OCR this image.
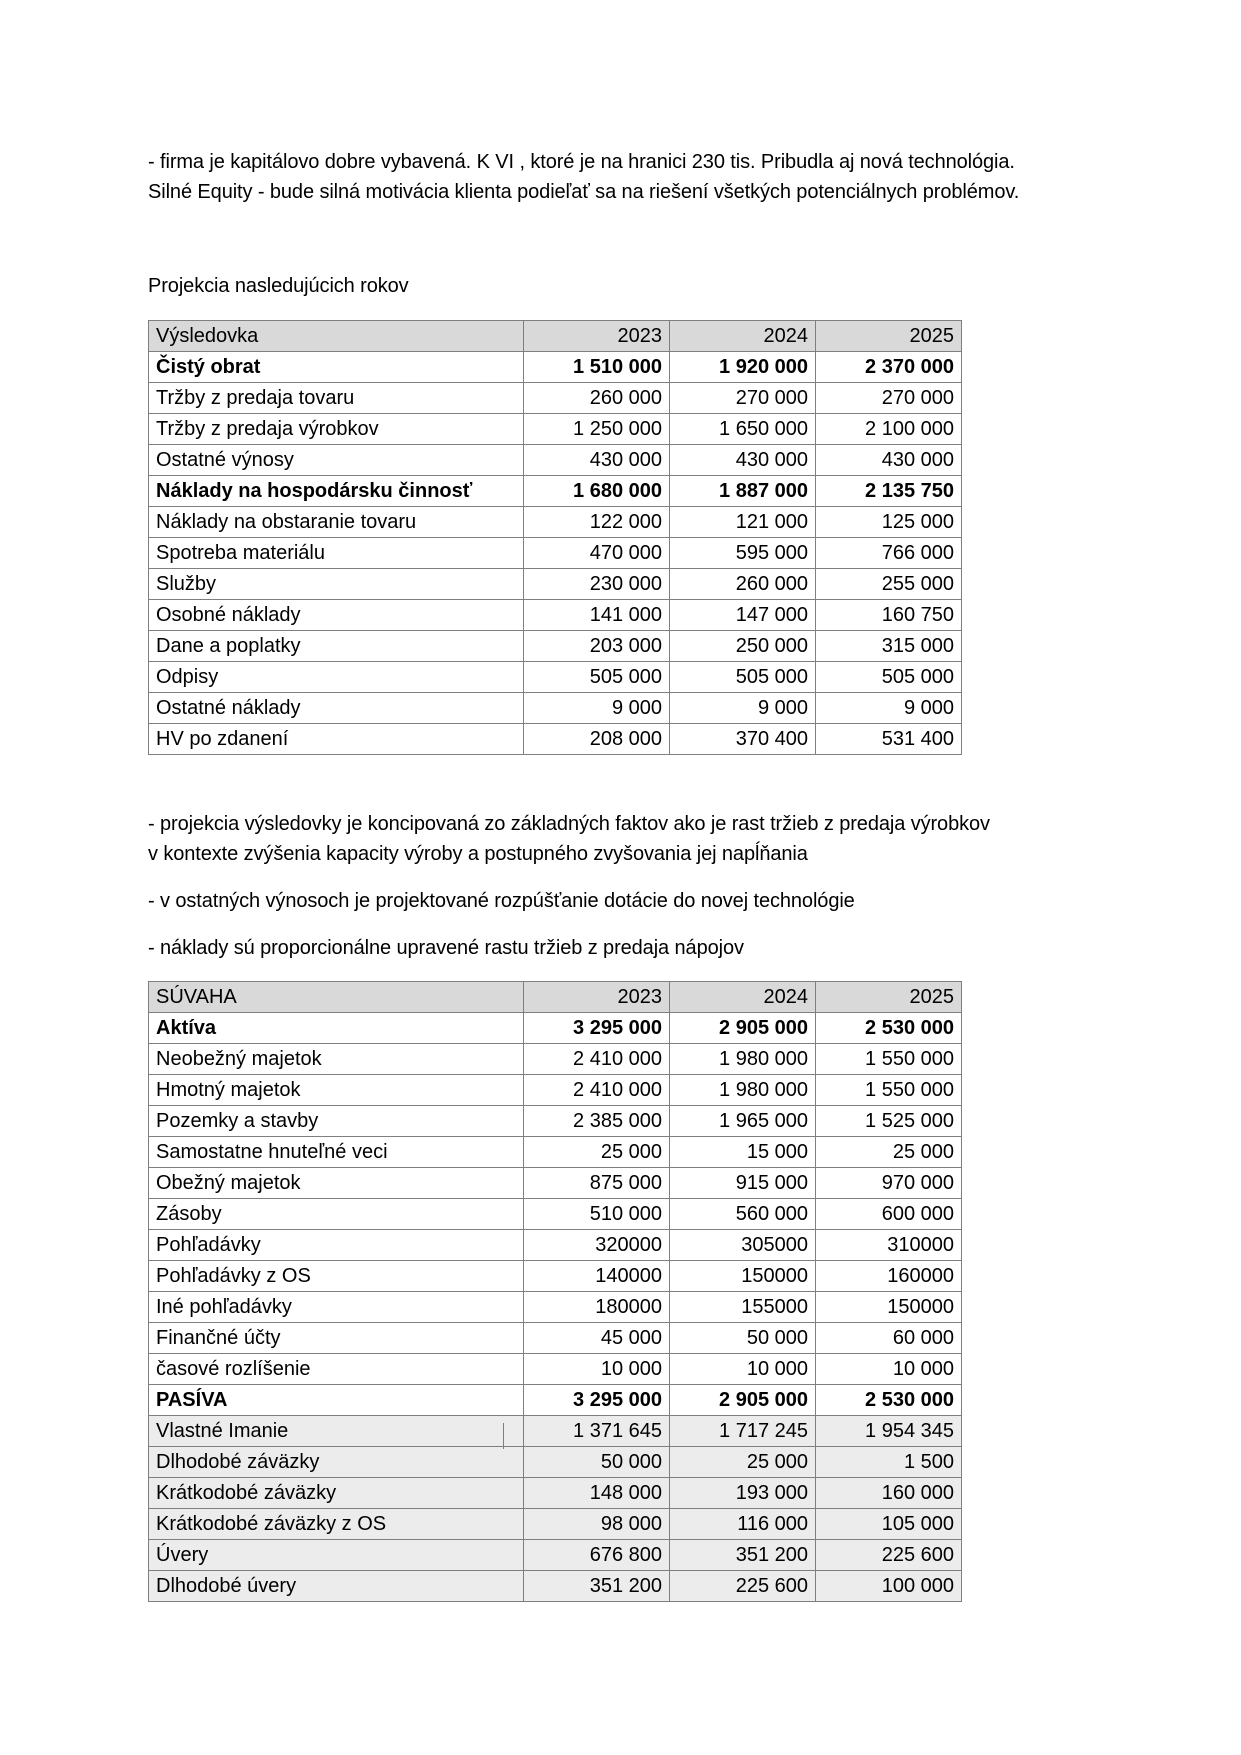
- firma je kapitálovo dobre vybavená. K VI , ktoré je na hranici 230 tis. Pribudla aj nová technológia.

Silné Equity - bude silná motivácia klienta podieľať sa na riešení všetkých potenciálnych problémov.

Projekcia nasledujúcich rokov

Výsledovka	2023	2024	2025
Čistý obrat	1 510 000	1 920 000	2 370 000
Tržby z predaja tovaru	260 000	270 000	270 000
Tržby z predaja výrobkov	1 250 000	1 650 000	2 100 000
Ostatné výnosy	430 000	430 000	430 000
Náklady na hospodársku činnosť	1 680 000	1 887 000	2 135 750
Náklady na obstaranie tovaru	122 000	121 000	125 000
Spotreba materiálu	470 000	595 000	766 000
Služby	230 000	260 000	255 000
Osobné náklady	141 000	147 000	160 750
Dane a poplatky	203 000	250 000	315 000
Odpisy	505 000	505 000	505 000
Ostatné náklady	9 000	9 000	9 000
HV po zdanení	208 000	370 400	531 400

- projekcia výsledovky je koncipovaná zo základných faktov ako je rast tržieb z predaja výrobkov

v kontexte zvýšenia kapacity výroby a postupného zvyšovania jej napĺňania

- v ostatných výnosoch je projektované rozpúšťanie dotácie do novej technológie

- náklady sú proporcionálne upravené rastu tržieb z predaja nápojov

SÚVAHA	2023	2024	2025
Aktíva	3 295 000	2 905 000	2 530 000
Neobežný majetok	2 410 000	1 980 000	1 550 000
Hmotný majetok	2 410 000	1 980 000	1 550 000
Pozemky a stavby	2 385 000	1 965 000	1 525 000
Samostatne hnuteľné veci	25 000	15 000	25 000
Obežný majetok	875 000	915 000	970 000
Zásoby	510 000	560 000	600 000
Pohľadávky	320000	305000	310000
Pohľadávky z OS	140000	150000	160000
Iné pohľadávky	180000	155000	150000
Finančné účty	45 000	50 000	60 000
časové rozlíšenie	10 000	10 000	10 000
PASÍVA	3 295 000	2 905 000	2 530 000
Vlastné Imanie	1 371 645	1 717 245	1 954 345
Dlhodobé záväzky	50 000	25 000	1 500
Krátkodobé záväzky	148 000	193 000	160 000
Krátkodobé záväzky z OS	98 000	116 000	105 000
Úvery	676 800	351 200	225 600
Dlhodobé úvery	351 200	225 600	100 000
